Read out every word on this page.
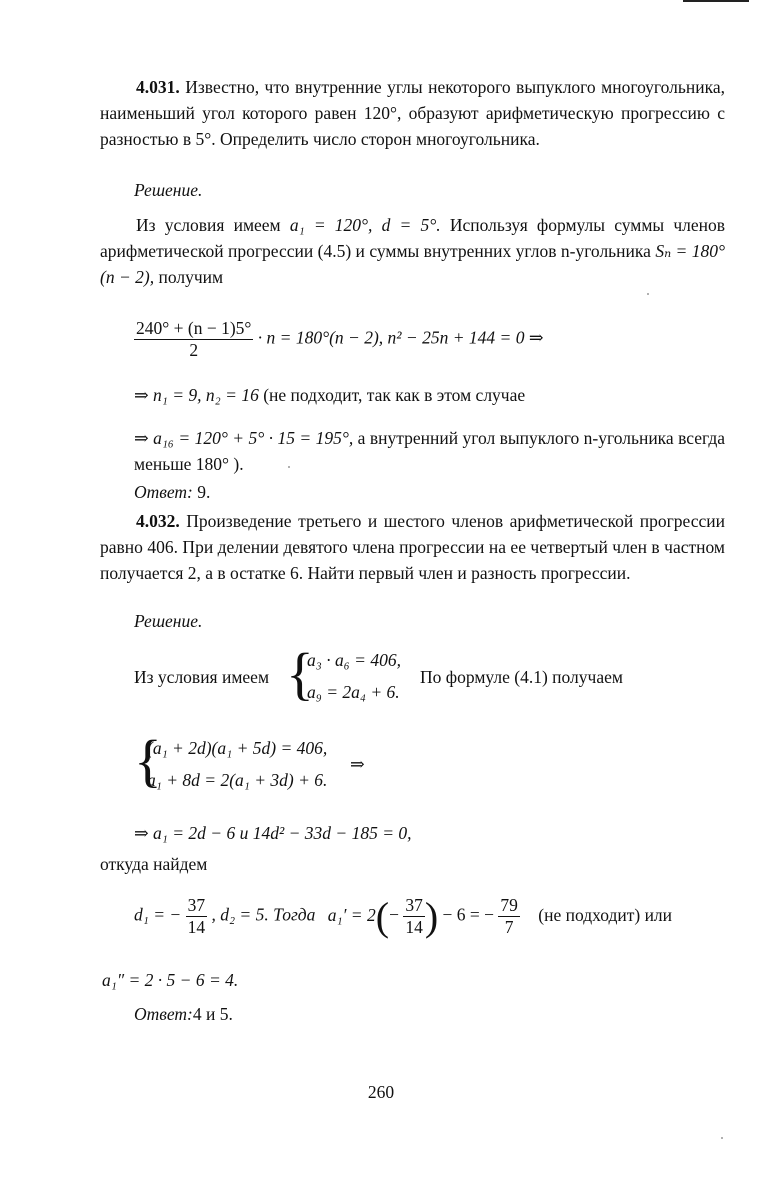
4.031. Известно, что внутренние углы некоторого выпуклого многоугольника, наименьший угол которого равен 120°, образуют арифметическую прогрессию с разностью в 5°. Определить число сторон многоугольника.
Решение.
Из условия имеем a₁ = 120°, d = 5°. Используя формулы суммы членов арифметической прогрессии (4.5) и суммы внутренних углов n-угольника Sₙ = 180°(n − 2), получим
$\frac{240^\circ + (n - 1)5^\circ}{2} \cdot n = 180^\circ(n - 2)$, n² − 25n + 144 = 0 ⇒
⇒ n₁ = 9, n₂ = 16 (не подходит, так как в этом случае
⇒ a₁₆ = 120° + 5° · 15 = 195°, а внутренний угол выпуклого n-угольника всегда меньше 180° ).
Ответ: 9.
4.032. Произведение третьего и шестого членов арифметической прогрессии равно 406. При делении девятого члена прогрессии на ее четвертый член в частном получается 2, а в остатке 6. Найти первый член и разность прогрессии.
Решение.
Из условия имеем {
a₃ · a₆ = 406,
a₉ = 2a₄ + 6.
По формуле (4.1) получаем
{
(a₁ + 2d)(a₁ + 5d) = 406,
a₁ + 8d = 2(a₁ + 3d) + 6.
⇒
⇒ a₁ = 2d − 6 и 14d² − 33d − 185 = 0,
откуда найдем
d₁ = − $\frac{37}{14}$ , d₂ = 5. Тогда $a_1' = 2(- \frac{37}{14}$ ) − 6 = − $\frac{79}{7} (не$ подходит) или
a₁″ = 2 · 5 − 6 = 4.
Ответ:4 и 5.
260
